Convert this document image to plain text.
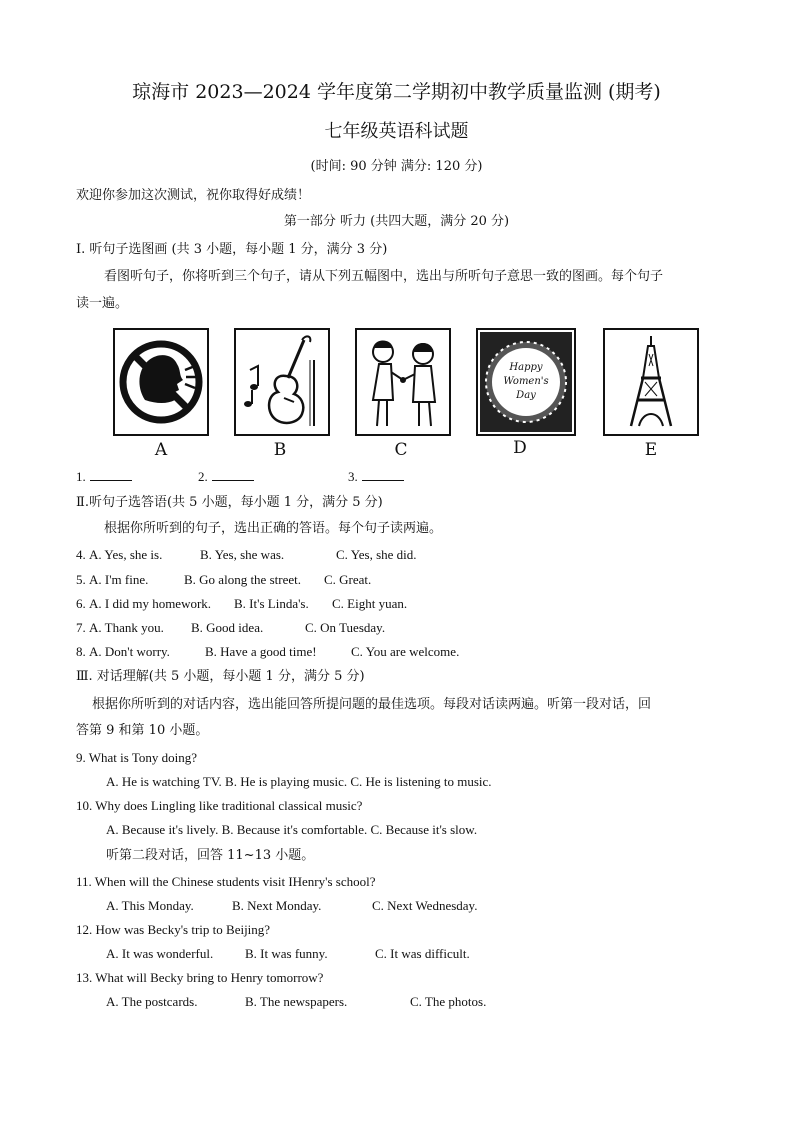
琼海市 2023—2024 学年度第二学期初中教学质量监测 (期考)
七年级英语科试题
(时间: 90 分钟 满分: 120 分)
欢迎你参加这次测试，祝你取得好成绩！
第一部分 听力 (共四大题，满分 20 分)
Ⅰ. 听句子选图画 (共 3 小题，每小题 1 分，满分 3 分)
看图听句子，你将听到三个句子，请从下列五幅图中，选出与所听句子意思一致的图画。每个句子
读一遍。
A	B	C
Happy
Women's
Day
D	E
1.	2.	3.
Ⅱ.听句子选答语(共 5 小题，每小题 1 分，满分 5 分)
根据你所听到的句子，选出正确的答语。每个句子读两遍。
4. A. Yes, she is.	B. Yes, she was.	C. Yes, she did.
5. A. I'm fine.	B. Go along the street. C. Great.
6. A. I did my homework. B. It's Linda's. C. Eight yuan.
7. A. Thank you. B. Good idea.	C. On Tuesday.
8. A. Don't worry.	B. Have a good time!	C. You are welcome.
Ⅲ. 对话理解(共 5 小题，每小题 1 分，满分 5 分)
根据你所听到的对话内容，选出能回答所提问题的最佳选项。每段对话读两遍。听第一段对话，回
答第 9 和第 10 小题。
9. What is Tony doing?
A. He is watching TV. B. He is playing music. C. He is listening to music.
10. Why does Lingling like traditional classical music?
A. Because it's lively. B. Because it's comfortable. C. Because it's slow.
听第二段对话，回答 11~13 小题。
11. When will the Chinese students visit IHenry's school?
A. This Monday.	B. Next Monday.	C. Next Wednesday.
12. How was Becky's trip to Beijing?
A. It was wonderful. B. It was funny.	C. It was difficult.
13. What will Becky bring to Henry tomorrow?
A. The postcards.	B. The newspapers.	C. The photos.
